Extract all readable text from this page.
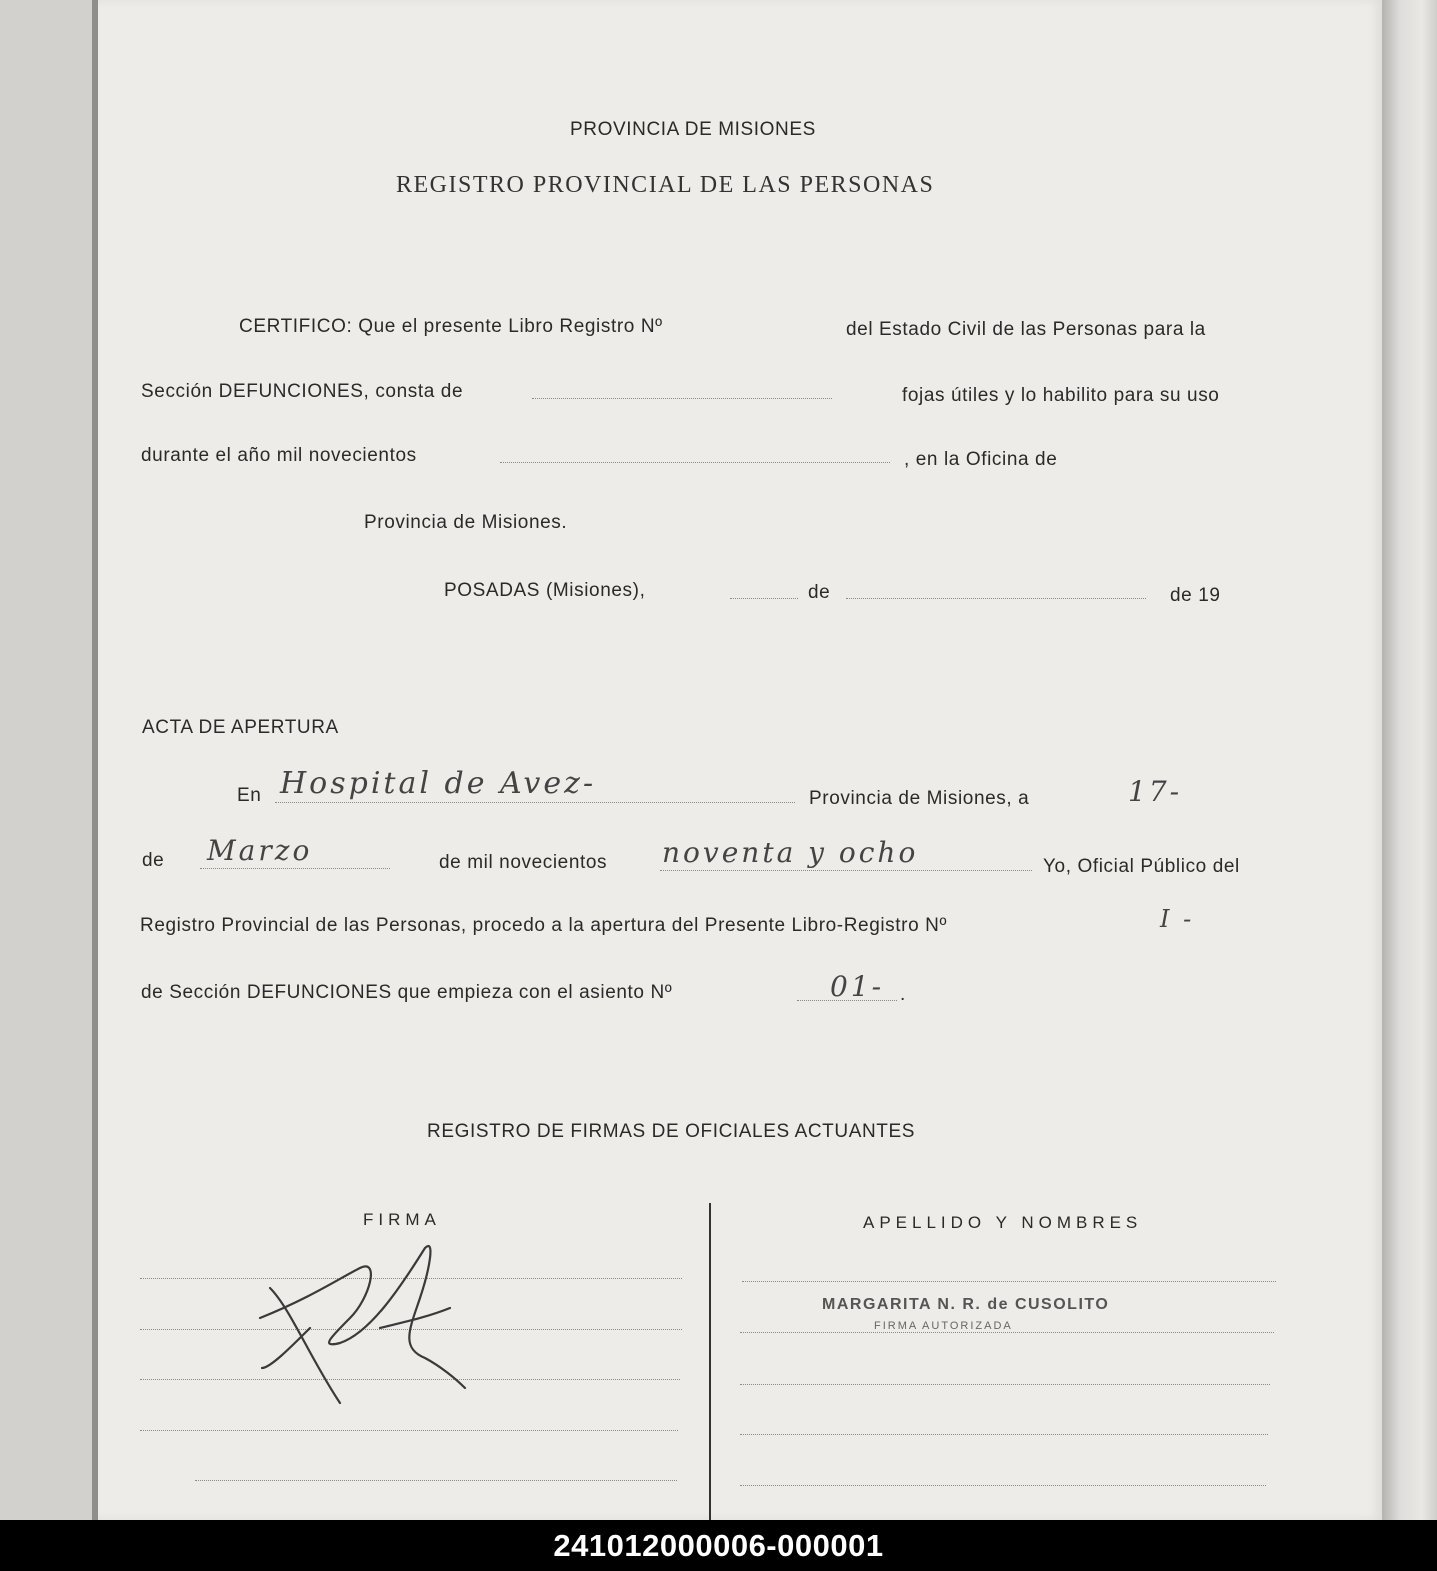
PROVINCIA DE MISIONES
REGISTRO PROVINCIAL DE LAS PERSONAS
CERTIFICO: Que el presente Libro Registro Nº	del Estado Civil de las Personas para la
Sección DEFUNCIONES, consta de	fojas útiles y lo habilito para su uso
durante el año mil novecientos	, en la Oficina de
Provincia de Misiones.
POSADAS (Misiones),	de	de 19
ACTA DE APERTURA
En Hospital de Avez-	Provincia de Misiones, a	17-
de Marzo	de mil novecientos noventa y ocho	Yo, Oficial Público del
Registro Provincial de las Personas, procedo a la apertura del Presente Libro-Registro Nº	I -
de Sección DEFUNCIONES que empieza con el asiento Nº	01- .
REGISTRO DE FIRMAS DE OFICIALES ACTUANTES
FIRMA	APELLIDO Y NOMBRES
MARGARITA N. R. de CUSOLITO
FIRMA AUTORIZADA
241012000006-000001
